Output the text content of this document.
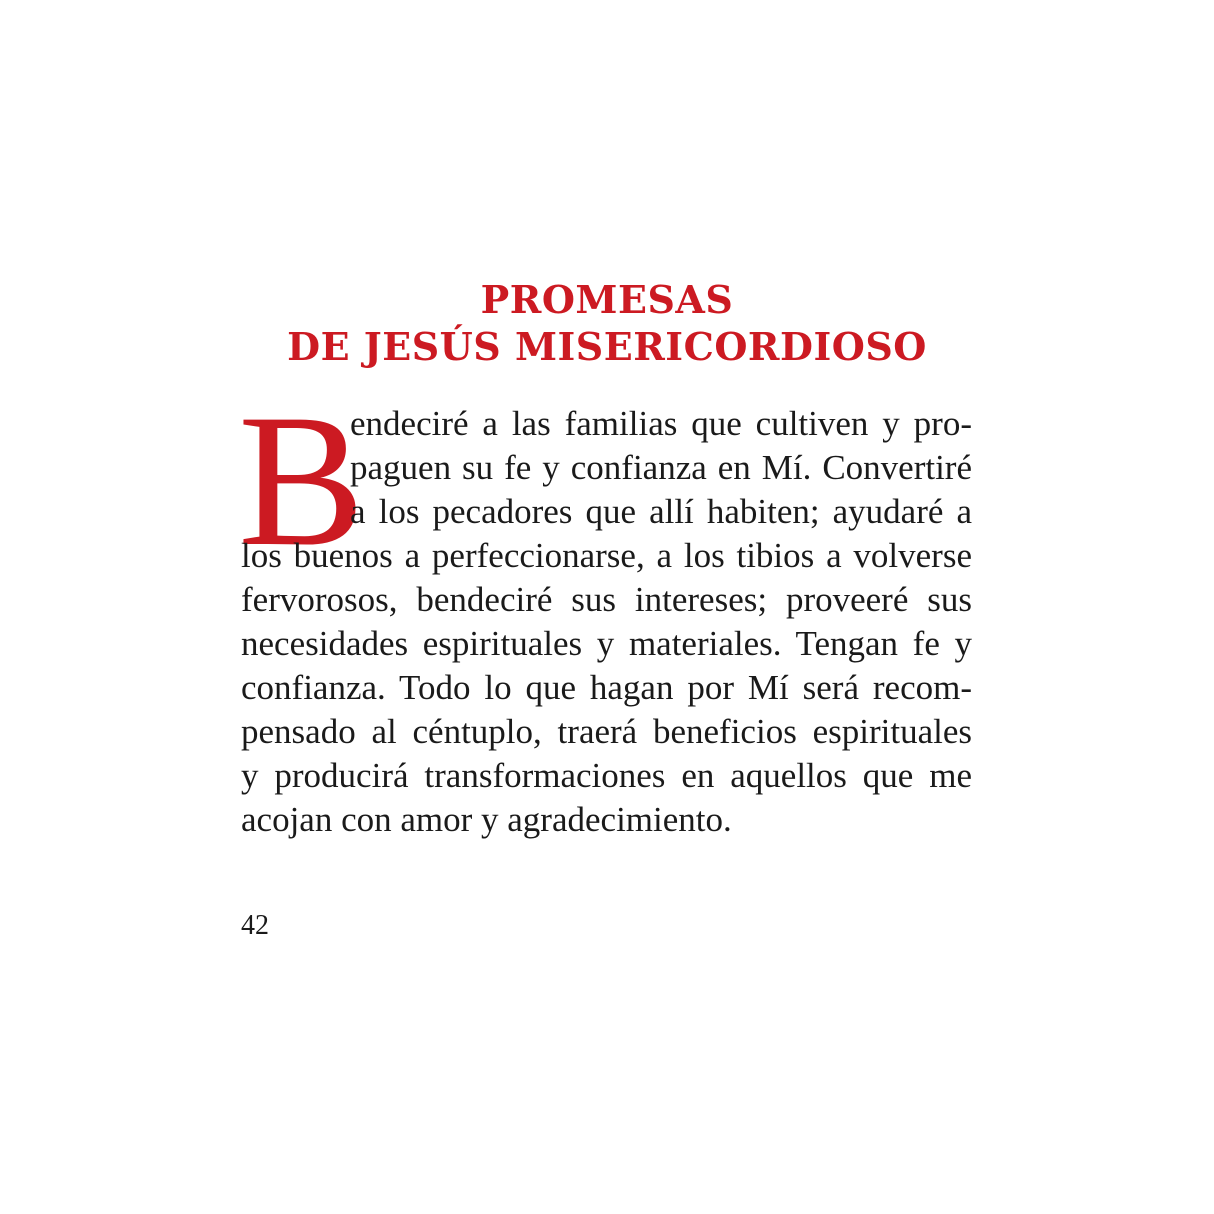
PROMESAS
DE JESÚS MISERICORDIOSO
B
endeciré a las familias que cultiven y pro-
paguen su fe y confianza en Mí. Convertiré
a los pecadores que allí habiten; ayudaré a
los buenos a perfeccionarse, a los tibios a volverse
fervorosos, bendeciré sus intereses; proveeré sus
necesidades espirituales y materiales. Tengan fe y
confianza. Todo lo que hagan por Mí será recom-
pensado al céntuplo, traerá beneficios espirituales
y producirá transformaciones en aquellos que me
acojan con amor y agradecimiento.
42
